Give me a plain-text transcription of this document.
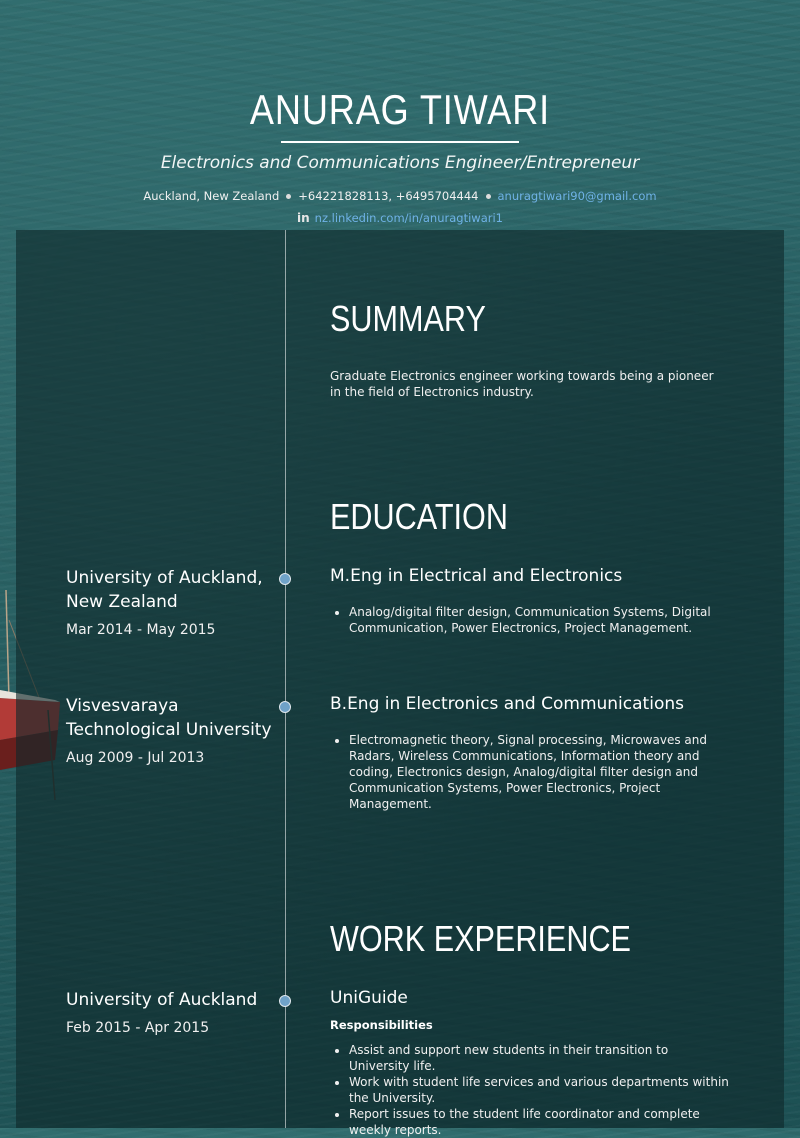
ANURAG TIWARI
Electronics and Communications Engineer/Entrepreneur
Auckland, New Zealand +64221828113, +6495704444 anuragtiwari90@gmail.com
in nz.linkedin.com/in/anuragtiwari1
SUMMARY
Graduate Electronics engineer working towards being a pioneer in the field of Electronics industry.
EDUCATION
University of Auckland, New Zealand
Mar 2014 - May 2015
M.Eng in Electrical and Electronics
• Analog/digital filter design, Communication Systems, Digital Communication, Power Electronics, Project Management.
Visvesvaraya Technological University
Aug 2009 - Jul 2013
B.Eng in Electronics and Communications
• Electromagnetic theory, Signal processing, Microwaves and Radars, Wireless Communications, Information theory and coding, Electronics design, Analog/digital filter design and Communication Systems, Power Electronics, Project Management.
WORK EXPERIENCE
University of Auckland
Feb 2015 - Apr 2015
UniGuide
Responsibilities
• Assist and support new students in their transition to University life.
• Work with student life services and various departments within the University.
• Report issues to the student life coordinator and complete weekly reports.
